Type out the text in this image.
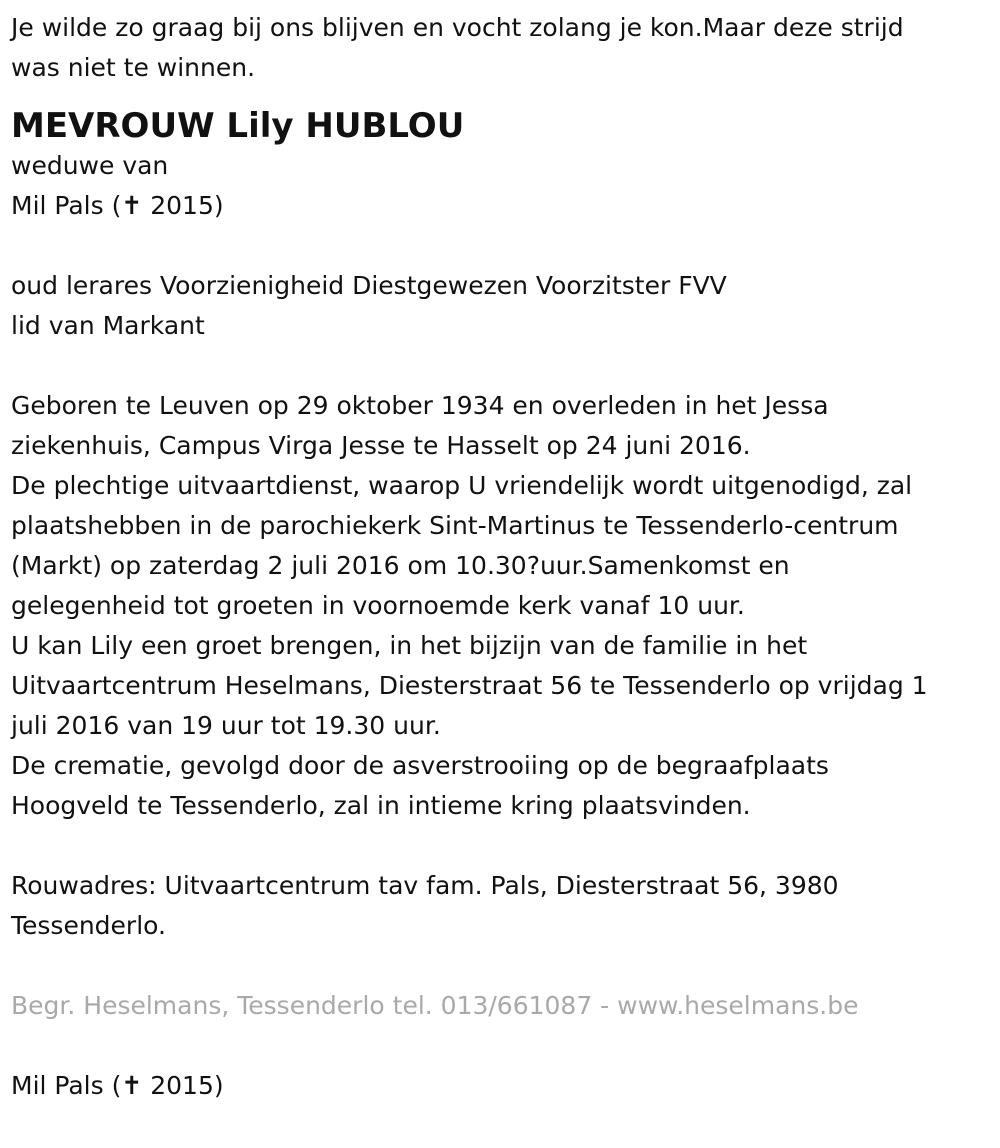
Je wilde zo graag bij ons blijven en vocht zolang je kon.Maar deze strijd

was niet te winnen.

MEVROUW Lily HUBLOU

weduwe van

Mil Pals (✝ 2015)

oud lerares Voorzienigheid Diestgewezen Voorzitster FVV

lid van Markant

Geboren te Leuven op 29 oktober 1934 en overleden in het Jessa

ziekenhuis, Campus Virga Jesse te Hasselt op 24 juni 2016.

De plechtige uitvaartdienst, waarop U vriendelijk wordt uitgenodigd, zal

plaatshebben in de parochiekerk Sint-Martinus te Tessenderlo-centrum

(Markt) op zaterdag 2 juli 2016 om 10.30?uur.Samenkomst en

gelegenheid tot groeten in voornoemde kerk vanaf 10 uur.

U kan Lily een groet brengen, in het bijzijn van de familie in het

Uitvaartcentrum Heselmans, Diesterstraat 56 te Tessenderlo op vrijdag 1

juli 2016 van 19 uur tot 19.30 uur.

De crematie, gevolgd door de asverstrooiing op de begraafplaats

Hoogveld te Tessenderlo, zal in intieme kring plaatsvinden.

Rouwadres: Uitvaartcentrum tav fam. Pals, Diesterstraat 56, 3980

Tessenderlo.

Begr. Heselmans, Tessenderlo tel. 013/661087 - www.heselmans.be

Mil Pals (✝ 2015)
